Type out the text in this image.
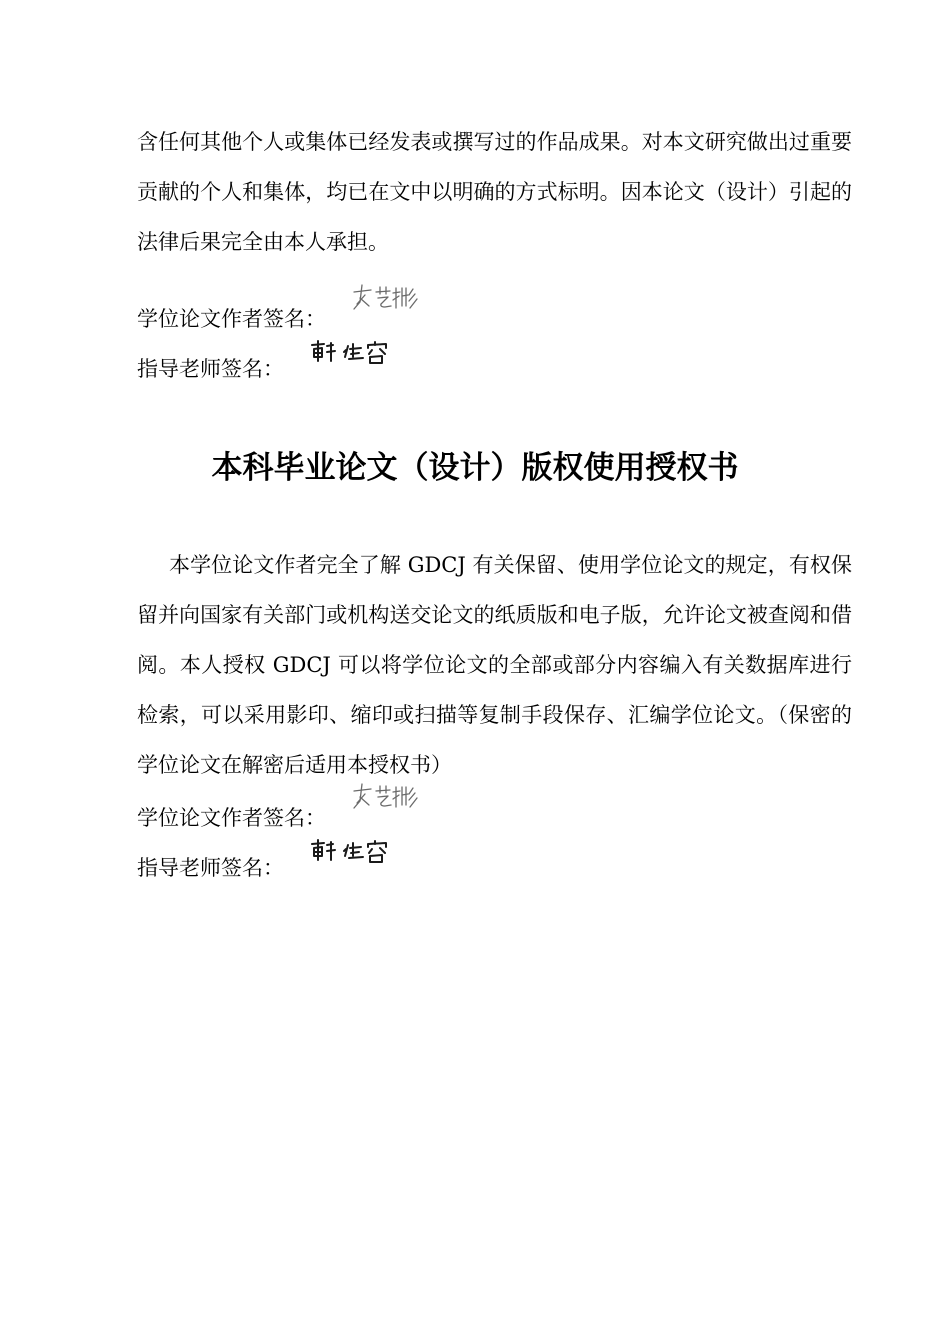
含任何其他个人或集体已经发表或撰写过的作品成果。对本文研究做出过重要贡献的个人和集体，均已在文中以明确的方式标明。因本论文（设计）引起的法律后果完全由本人承担。

学位论文作者签名：
指导老师签名：
本科毕业论文（设计）版权使用授权书

本学位论文作者完全了解 GDCJ 有关保留、使用学位论文的规定，有权保留并向国家有关部门或机构送交论文的纸质版和电子版，允许论文被查阅和借阅。本人授权 GDCJ 可以将学位论文的全部或部分内容编入有关数据库进行检索，可以采用影印、缩印或扫描等复制手段保存、汇编学位论文。（保密的学位论文在解密后适用本授权书）

学位论文作者签名：
指导老师签名：
